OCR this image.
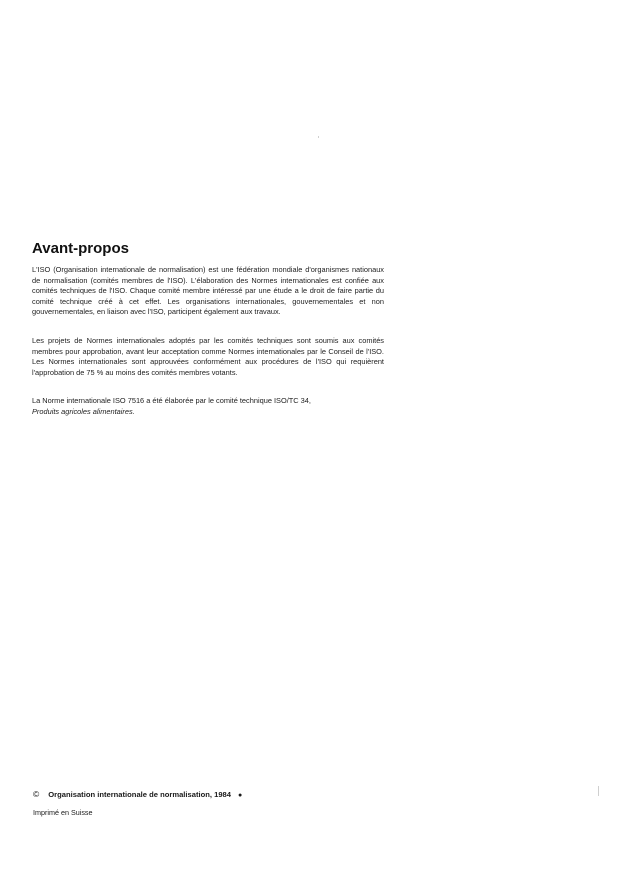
Avant-propos

L'ISO (Organisation internationale de normalisation) est une fédération mondiale d'organismes nationaux de normalisation (comités membres de l'ISO). L'élaboration des Normes internationales est confiée aux comités techniques de l'ISO. Chaque comité membre intéressé par une étude a le droit de faire partie du comité technique créé à cet effet. Les organisations internationales, gouvernementales et non gouvernementales, en liaison avec l'ISO, participent également aux travaux.

Les projets de Normes internationales adoptés par les comités techniques sont soumis aux comités membres pour approbation, avant leur acceptation comme Normes internationales par le Conseil de l'ISO. Les Normes internationales sont approuvées conformément aux procédures de l'ISO qui requièrent l'approbation de 75 % au moins des comités membres votants.

La Norme internationale ISO 7516 a été élaborée par le comité technique ISO/TC 34,
Produits agricoles alimentaires.

© Organisation internationale de normalisation, 1984 ●
Imprimé en Suisse
